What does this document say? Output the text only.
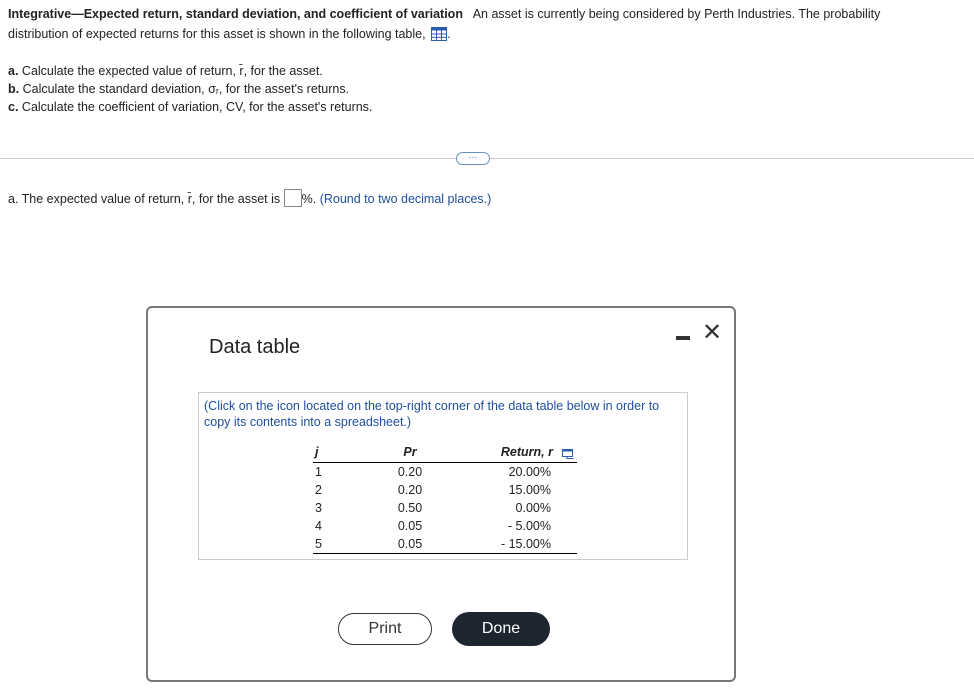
Integrative—Expected return, standard deviation, and coefficient of variation An asset is currently being considered by Perth Industries. The probability
distribution of expected returns for this asset is shown in the following table, .
a. Calculate the expected value of return, r̄, for the asset.
b. Calculate the standard deviation, σᵣ, for the asset's returns.
c. Calculate the coefficient of variation, CV, for the asset's returns.
···
a. The expected value of return, r̄, for the asset is %. (Round to two decimal places.)
Data table
✕
(Click on the icon located on the top-right corner of the data table below in order to copy its contents into a spreadsheet.)
j	Pr	Return, r
1	0.20	20.00%
2	0.20	15.00%
3	0.50	0.00%
4	0.05	- 5.00%
5	0.05	- 15.00%
Print	Done
